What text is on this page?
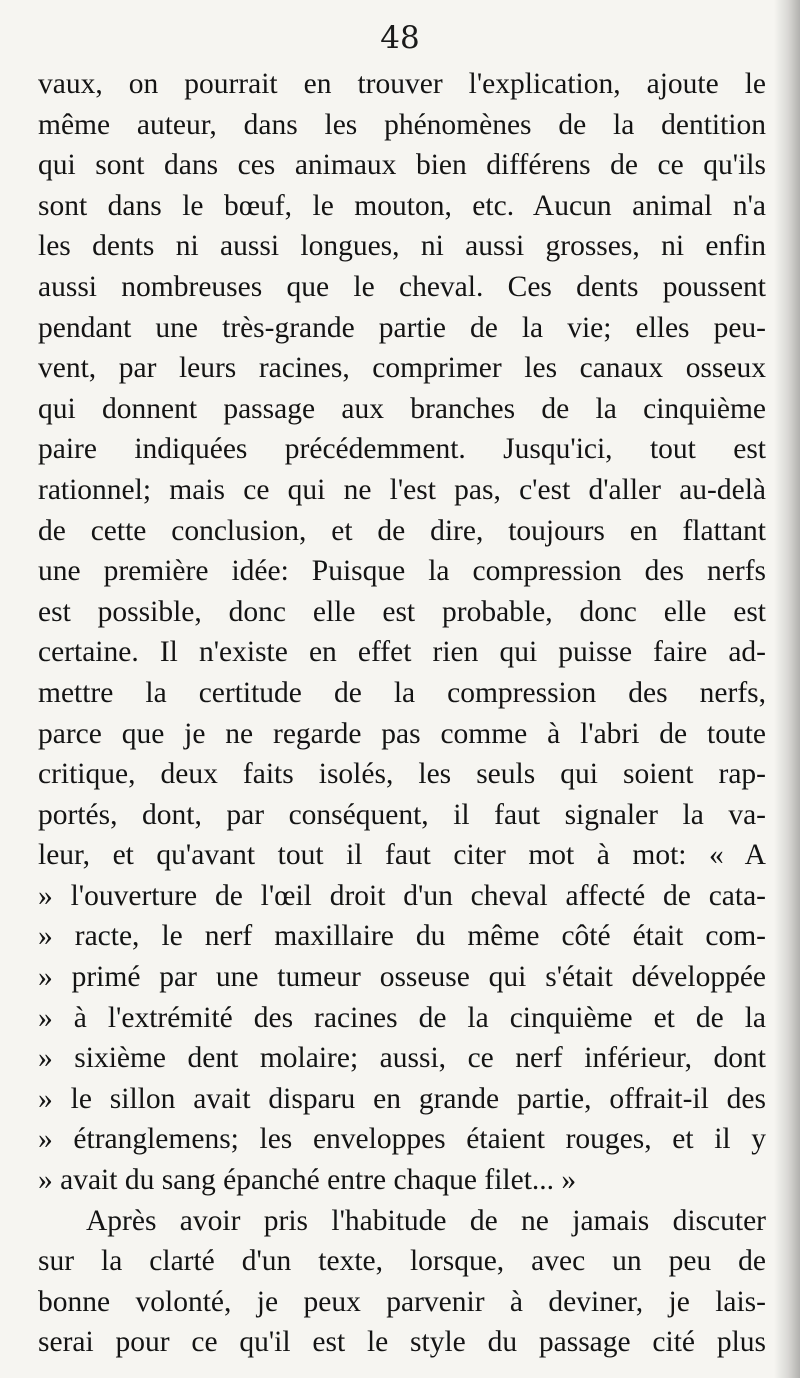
48
vaux, on pourrait en trouver l'explication, ajoute le
même auteur, dans les phénomènes de la dentition
qui sont dans ces animaux bien différens de ce qu'ils
sont dans le bœuf, le mouton, etc. Aucun animal n'a
les dents ni aussi longues, ni aussi grosses, ni enfin
aussi nombreuses que le cheval. Ces dents poussent
pendant une très-grande partie de la vie; elles peu-
vent, par leurs racines, comprimer les canaux osseux
qui donnent passage aux branches de la cinquième
paire indiquées précédemment. Jusqu'ici, tout est
rationnel; mais ce qui ne l'est pas, c'est d'aller au-delà
de cette conclusion, et de dire, toujours en flattant
une première idée: Puisque la compression des nerfs
est possible, donc elle est probable, donc elle est
certaine. Il n'existe en effet rien qui puisse faire ad-
mettre la certitude de la compression des nerfs,
parce que je ne regarde pas comme à l'abri de toute
critique, deux faits isolés, les seuls qui soient rap-
portés, dont, par conséquent, il faut signaler la va-
leur, et qu'avant tout il faut citer mot à mot: « A
» l'ouverture de l'œil droit d'un cheval affecté de cata-
» racte, le nerf maxillaire du même côté était com-
» primé par une tumeur osseuse qui s'était développée
» à l'extrémité des racines de la cinquième et de la
» sixième dent molaire; aussi, ce nerf inférieur, dont
» le sillon avait disparu en grande partie, offrait-il des
» étranglemens; les enveloppes étaient rouges, et il y
» avait du sang épanché entre chaque filet... »
Après avoir pris l'habitude de ne jamais discuter
sur la clarté d'un texte, lorsque, avec un peu de
bonne volonté, je peux parvenir à deviner, je lais-
serai pour ce qu'il est le style du passage cité plus
